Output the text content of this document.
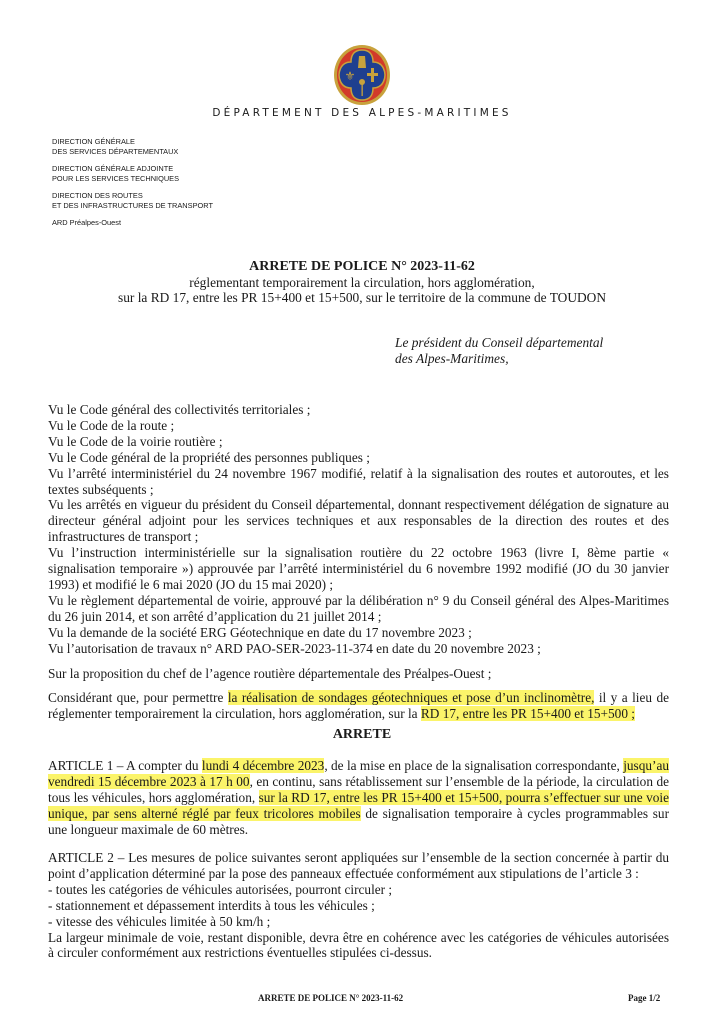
⚜
DÉPARTEMENT DES ALPES-MARITIMES

DIRECTION GÉNÉRALE
DES SERVICES DÉPARTEMENTAUX

DIRECTION GÉNÉRALE ADJOINTE
POUR LES SERVICES TECHNIQUES

DIRECTION DES ROUTES
ET DES INFRASTRUCTURES DE TRANSPORT

ARD Préalpes-Ouest

ARRETE DE POLICE N° 2023-11-62
réglementant temporairement la circulation, hors agglomération,
sur la RD 17, entre les PR 15+400 et 15+500, sur le territoire de la commune de TOUDON
Le président du Conseil départemental
des Alpes-Maritimes,

Vu le Code général des collectivités territoriales ;

Vu le Code de la route ;

Vu le Code de la voirie routière ;

Vu le Code général de la propriété des personnes publiques ;

Vu l’arrêté interministériel du 24 novembre 1967 modifié, relatif à la signalisation des routes et autoroutes, et les textes subséquents ;

Vu les arrêtés en vigueur du président du Conseil départemental, donnant respectivement délégation de signature au directeur général adjoint pour les services techniques et aux responsables de la direction des routes et des infrastructures de transport ;

Vu l’instruction interministérielle sur la signalisation routière du 22 octobre 1963 (livre I, 8ème partie « signalisation temporaire ») approuvée par l’arrêté interministériel du 6 novembre 1992 modifié (JO du 30 janvier 1993) et modifié le 6 mai 2020 (JO du 15 mai 2020) ;

Vu le règlement départemental de voirie, approuvé par la délibération n° 9 du Conseil général des Alpes-Maritimes du 26 juin 2014, et son arrêté d’application du 21 juillet 2014 ;

Vu la demande de la société ERG Géotechnique en date du 17 novembre 2023 ;

Vu l’autorisation de travaux n° ARD PAO-SER-2023-11-374 en date du 20 novembre 2023 ;

Sur la proposition du chef de l’agence routière départementale des Préalpes-Ouest ;

Considérant que, pour permettre la réalisation de sondages géotechniques et pose d’un inclinomètre, il y a lieu de réglementer temporairement la circulation, hors agglomération, sur la RD 17, entre les PR 15+400 et 15+500 ;

ARRETE

ARTICLE 1 – A compter du lundi 4 décembre 2023, de la mise en place de la signalisation correspondante, jusqu’au vendredi 15 décembre 2023 à 17 h 00, en continu, sans rétablissement sur l’ensemble de la période, la circulation de tous les véhicules, hors agglomération, sur la RD 17, entre les PR 15+400 et 15+500, pourra s’effectuer sur une voie unique, par sens alterné réglé par feux tricolores mobiles de signalisation temporaire à cycles programmables sur une longueur maximale de 60 mètres.

ARTICLE 2 – Les mesures de police suivantes seront appliquées sur l’ensemble de la section concernée à partir du point d’application déterminé par la pose des panneaux effectuée conformément aux stipulations de l’article 3 :

- toutes les catégories de véhicules autorisées, pourront circuler ;

- stationnement et dépassement interdits à tous les véhicules ;

- vitesse des véhicules limitée à 50 km/h ;

La largeur minimale de voie, restant disponible, devra être en cohérence avec les catégories de véhicules autorisées à circuler conformément aux restrictions éventuelles stipulées ci-dessus.

ARRETE DE POLICE N° 2023-11-62	Page 1/2
